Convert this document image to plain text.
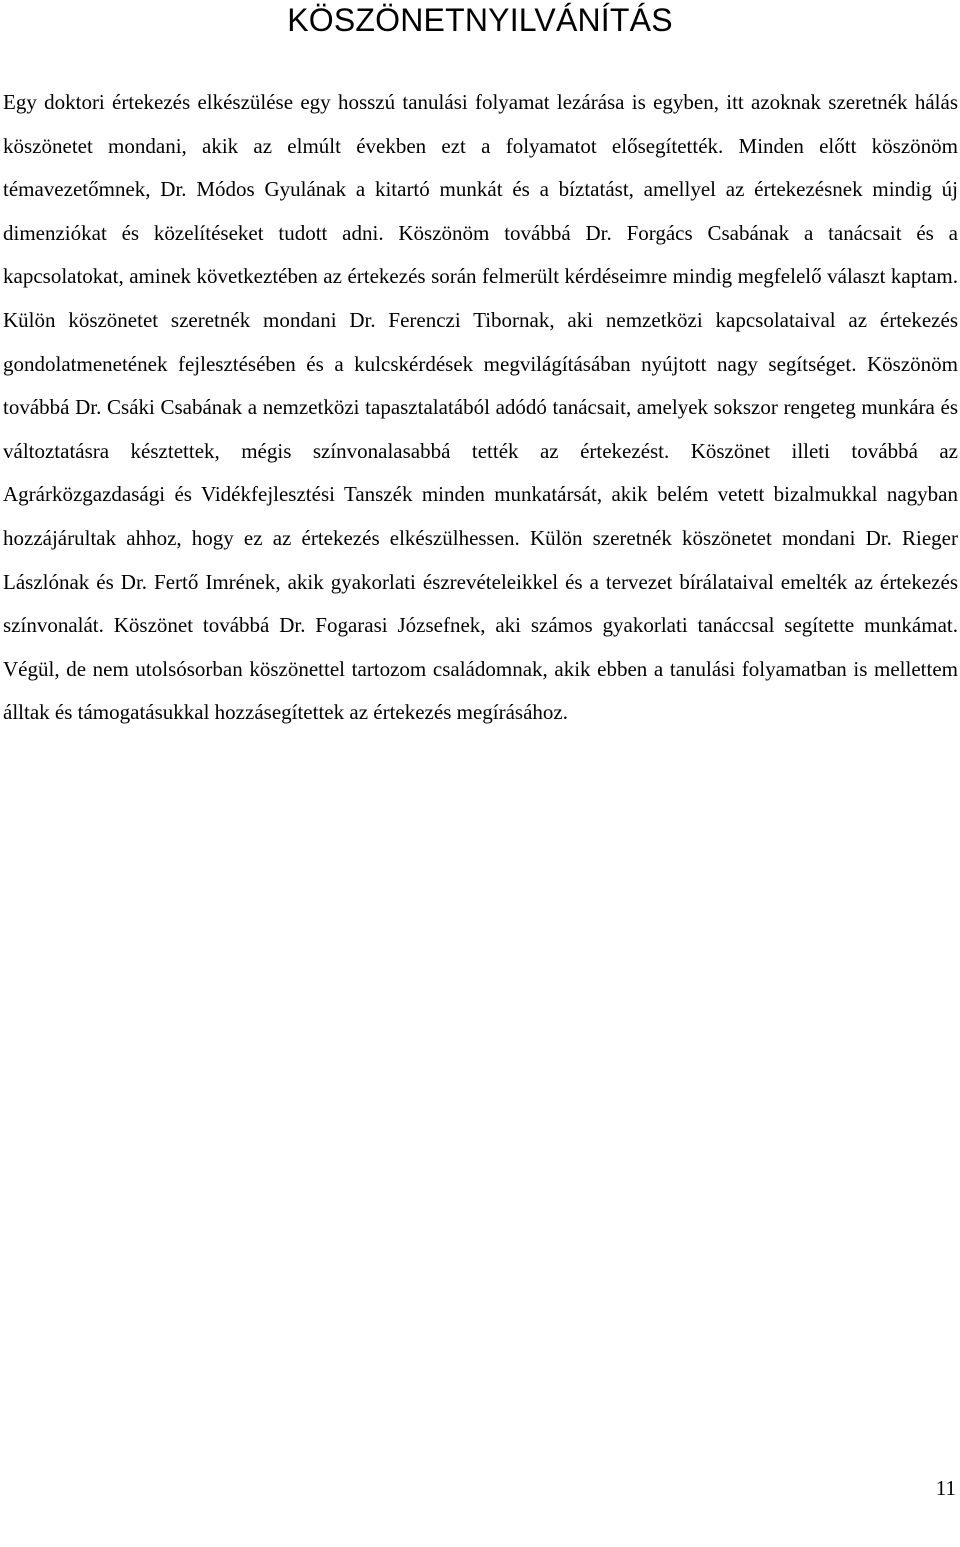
KÖSZÖNETNYILVÁNÍTÁS

Egy doktori értekezés elkészülése egy hosszú tanulási folyamat lezárása is egyben, itt azoknak szeretnék hálás köszönetet mondani, akik az elmúlt években ezt a folyamatot elősegítették. Minden előtt köszönöm témavezetőmnek, Dr. Módos Gyulának a kitartó munkát és a bíztatást, amellyel az értekezésnek mindig új dimenziókat és közelítéseket tudott adni. Köszönöm továbbá Dr. Forgács Csabának a tanácsait és a kapcsolatokat, aminek következtében az értekezés során felmerült kérdéseimre mindig megfelelő választ kaptam. Külön köszönetet szeretnék mondani Dr. Ferenczi Tibornak, aki nemzetközi kapcsolataival az értekezés gondolatmenetének fejlesztésében és a kulcskérdések megvilágításában nyújtott nagy segítséget. Köszönöm továbbá Dr. Csáki Csabának a nemzetközi tapasztalatából adódó tanácsait, amelyek sokszor rengeteg munkára és változtatásra késztettek, mégis színvonalasabbá tették az értekezést. Köszönet illeti továbbá az Agrárközgazdasági és Vidékfejlesztési Tanszék minden munkatársát, akik belém vetett bizalmukkal nagyban hozzájárultak ahhoz, hogy ez az értekezés elkészülhessen. Külön szeretnék köszönetet mondani Dr. Rieger Lászlónak és Dr. Fertő Imrének, akik gyakorlati észrevételeikkel és a tervezet bírálataival emelték az értekezés színvonalát. Köszönet továbbá Dr. Fogarasi Józsefnek, aki számos gyakorlati tanáccsal segítette munkámat. Végül, de nem utolsósorban köszönettel tartozom családomnak, akik ebben a tanulási folyamatban is mellettem álltak és támogatásukkal hozzásegítettek az értekezés megírásához.

11
